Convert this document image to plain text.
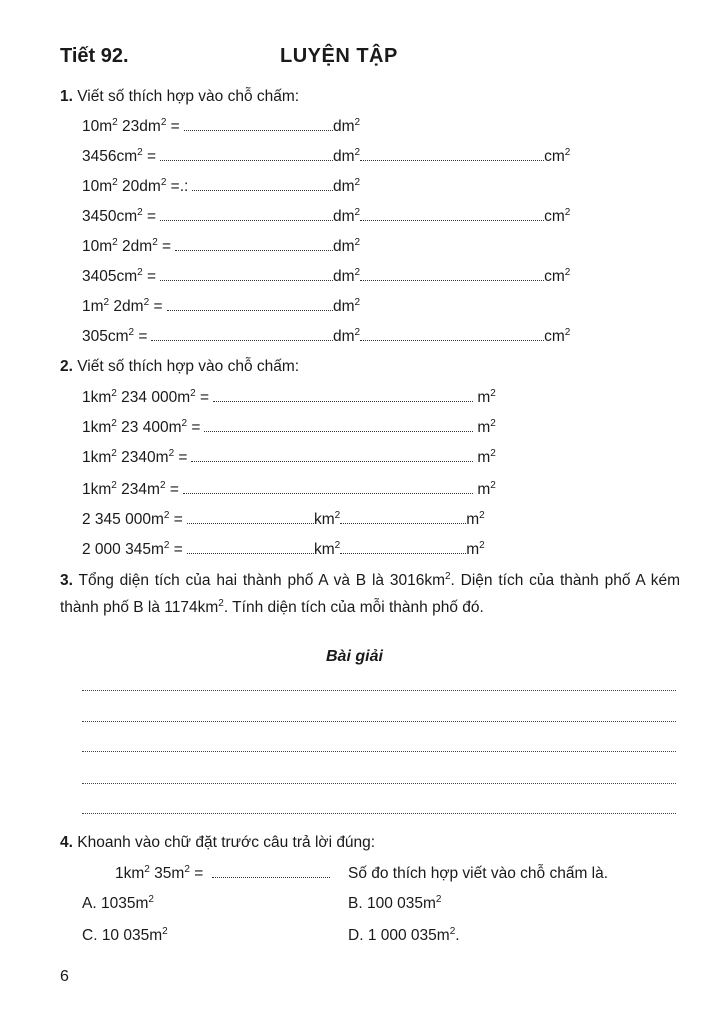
Tiết 92.	LUYỆN TẬP
1. Viết số thích hợp vào chỗ chấm:
$10m^2$ $23dm^2$ =	$dm^2$
$3456cm^2$ =	$dm^2$	$cm^2$
$10m^2$ $20dm^2$ =.:	$dm^2$
$3450cm^2$ =	$dm^2$	$cm^2$
$10m^2$ $2dm^2$ =	$dm^2$
$3405cm^2$ =	$dm^2$	$cm^2$
$1m^2$ $2dm^2$ =	$dm^2$
$305cm^2$ =	$dm^2$	$cm^2$
2. Viết số thích hợp vào chỗ chấm:
$1km^2$ 234 $000m^2$ =	$m^2$
$1km^2$ 23 $400m^2$ =	$m^2$
$1km^2$ $2340m^2$ =	$m^2$
$1km^2$ $234m^2$ =	$m^2$
2 345 $000m^2$ =	$km^2$	$m^2$
2 000 $345m^2$ =	$km^2$	$m^2$
3. Tổng diện tích của hai thành phố A và B là $3016km^2$. Diện tích của thành phố A kém thành phố B là $1174km^2$. Tính diện tích của mỗi thành phố đó.
Bài giải
4. Khoanh vào chữ đặt trước câu trả lời đúng:
$1km^2$ $35m^2$ =	Số đo thích hợp viết vào chỗ chấm là.
A. $1035m^2$	B. 100 $035m^2$
C. 10 $035m^2$	D. 1 000 $035m^2$.
6
